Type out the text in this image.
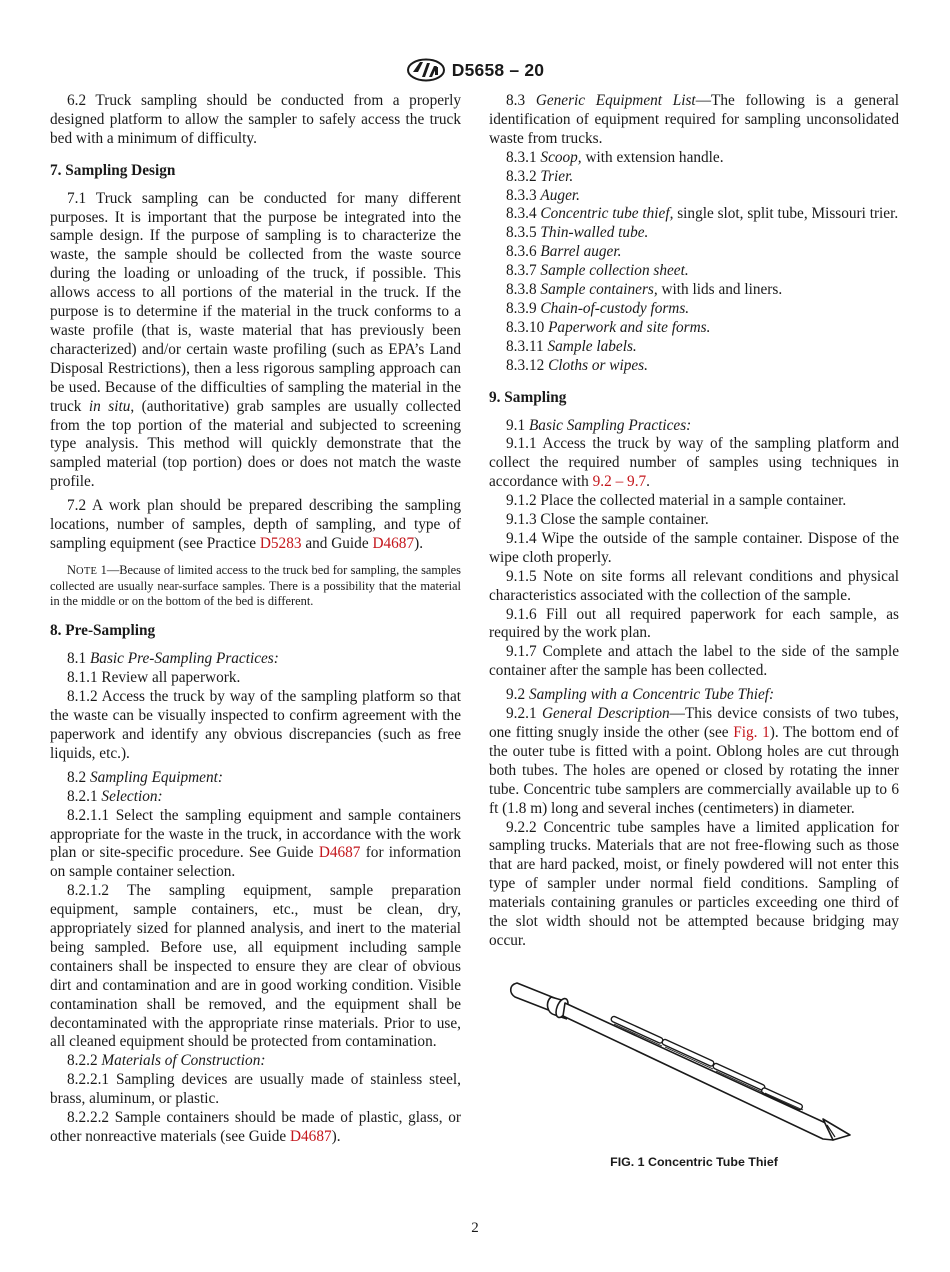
D5658 – 20

6.2 Truck sampling should be conducted from a properly designed platform to allow the sampler to safely access the truck bed with a minimum of difficulty.

7. Sampling Design

7.1 Truck sampling can be conducted for many different purposes. It is important that the purpose be integrated into the sample design. If the purpose of sampling is to characterize the waste, the sample should be collected from the waste source during the loading or unloading of the truck, if possible. This allows access to all portions of the material in the truck. If the purpose is to determine if the material in the truck conforms to a waste profile (that is, waste material that has previously been characterized) and/or certain waste profiling (such as EPA’s Land Disposal Restrictions), then a less rigorous sampling approach can be used. Because of the difficulties of sampling the material in the truck in situ, (authoritative) grab samples are usually collected from the top portion of the material and subjected to screening type analysis. This method will quickly demonstrate that the sampled material (top portion) does or does not match the waste profile.

7.2 A work plan should be prepared describing the sampling locations, number of samples, depth of sampling, and type of sampling equipment (see Practice D5283 and Guide D4687).

NOTE 1—Because of limited access to the truck bed for sampling, the samples collected are usually near-surface samples. There is a possibility that the material in the middle or on the bottom of the bed is different.

8. Pre-Sampling

8.1 Basic Pre-Sampling Practices:

8.1.1 Review all paperwork.

8.1.2 Access the truck by way of the sampling platform so that the waste can be visually inspected to confirm agreement with the paperwork and identify any obvious discrepancies (such as free liquids, etc.).

8.2 Sampling Equipment:

8.2.1 Selection:

8.2.1.1 Select the sampling equipment and sample containers appropriate for the waste in the truck, in accordance with the work plan or site-specific procedure. See Guide D4687 for information on sample container selection.

8.2.1.2 The sampling equipment, sample preparation equipment, sample containers, etc., must be clean, dry, appropriately sized for planned analysis, and inert to the material being sampled. Before use, all equipment including sample containers shall be inspected to ensure they are clear of obvious dirt and contamination and are in good working condition. Visible contamination shall be removed, and the equipment shall be decontaminated with the appropriate rinse materials. Prior to use, all cleaned equipment should be protected from contamination.

8.2.2 Materials of Construction:

8.2.2.1 Sampling devices are usually made of stainless steel, brass, aluminum, or plastic.

8.2.2.2 Sample containers should be made of plastic, glass, or other nonreactive materials (see Guide D4687).

8.3 Generic Equipment List—The following is a general identification of equipment required for sampling unconsolidated waste from trucks.

8.3.1 Scoop, with extension handle.

8.3.2 Trier.

8.3.3 Auger.

8.3.4 Concentric tube thief, single slot, split tube, Missouri trier.

8.3.5 Thin-walled tube.

8.3.6 Barrel auger.

8.3.7 Sample collection sheet.

8.3.8 Sample containers, with lids and liners.

8.3.9 Chain-of-custody forms.

8.3.10 Paperwork and site forms.

8.3.11 Sample labels.

8.3.12 Cloths or wipes.

9. Sampling

9.1 Basic Sampling Practices:

9.1.1 Access the truck by way of the sampling platform and collect the required number of samples using techniques in accordance with 9.2 – 9.7.

9.1.2 Place the collected material in a sample container.

9.1.3 Close the sample container.

9.1.4 Wipe the outside of the sample container. Dispose of the wipe cloth properly.

9.1.5 Note on site forms all relevant conditions and physical characteristics associated with the collection of the sample.

9.1.6 Fill out all required paperwork for each sample, as required by the work plan.

9.1.7 Complete and attach the label to the side of the sample container after the sample has been collected.

9.2 Sampling with a Concentric Tube Thief:

9.2.1 General Description—This device consists of two tubes, one fitting snugly inside the other (see Fig. 1). The bottom end of the outer tube is fitted with a point. Oblong holes are cut through both tubes. The holes are opened or closed by rotating the inner tube. Concentric tube samplers are commercially available up to 6 ft (1.8 m) long and several inches (centimeters) in diameter.

9.2.2 Concentric tube samples have a limited application for sampling trucks. Materials that are not free-flowing such as those that are hard packed, moist, or finely powdered will not enter this type of sampler under normal field conditions. Sampling of materials containing granules or particles exceeding one third of the slot width should not be attempted because bridging may occur.

FIG. 1 Concentric Tube Thief
2
